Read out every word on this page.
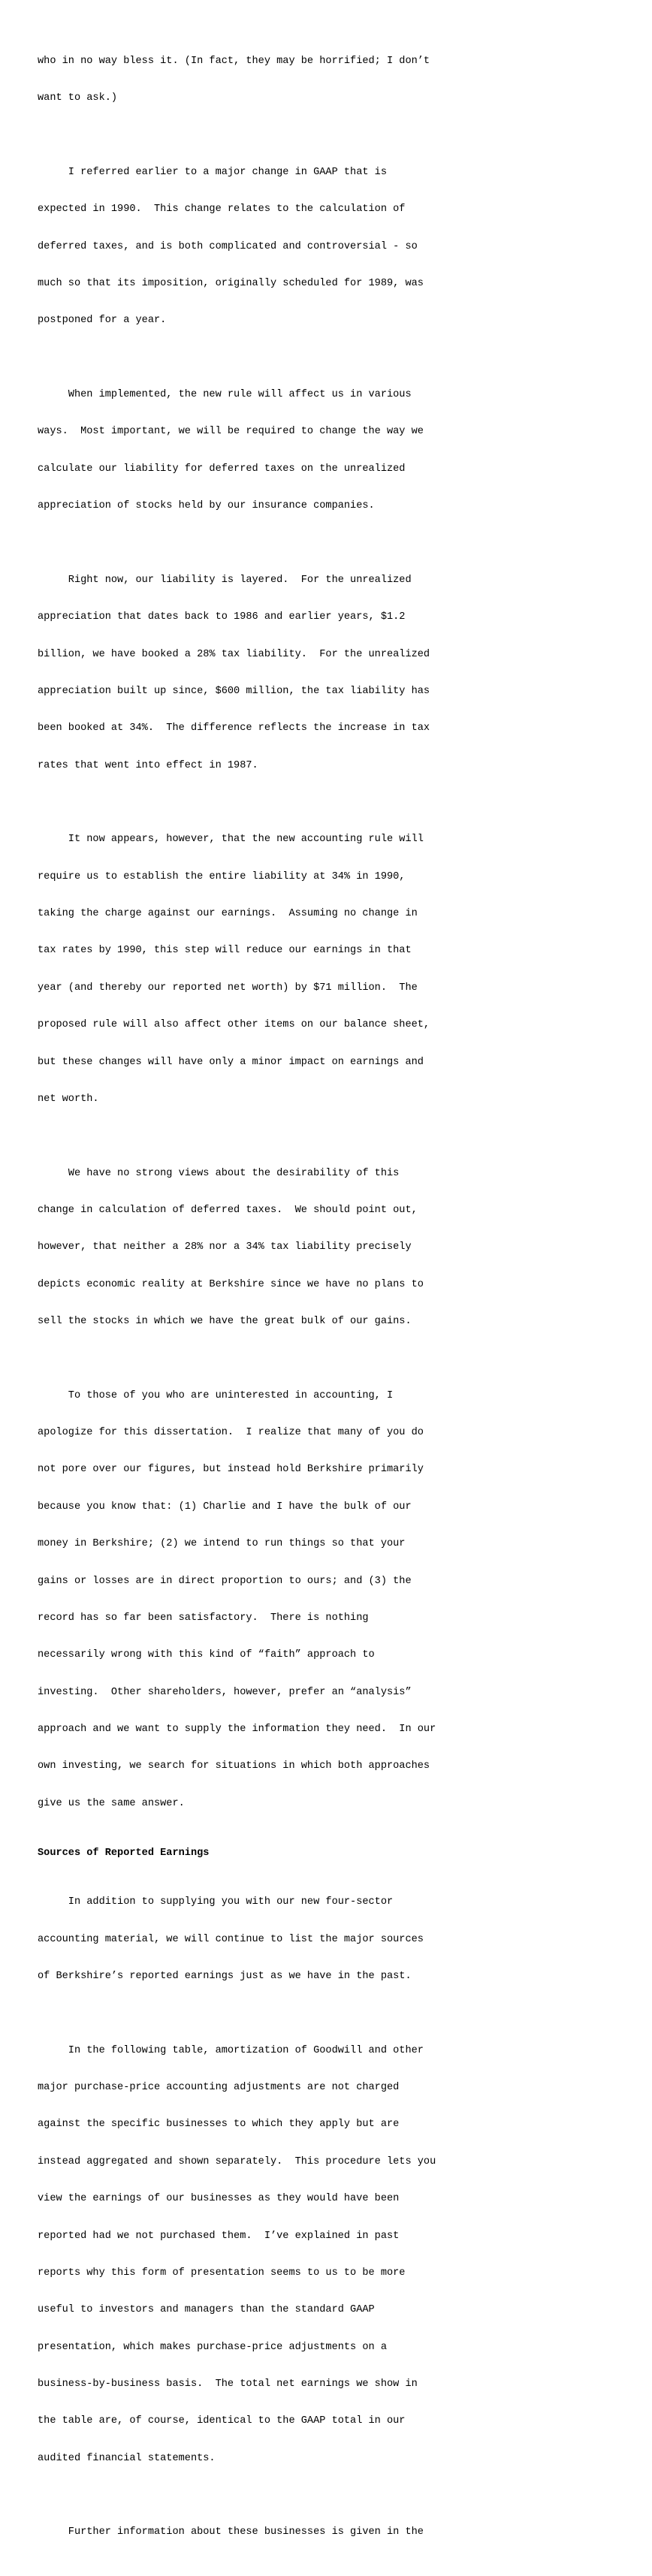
who in no way bless it. (In fact, they may be horrified; I don’t

want to ask.)

I referred earlier to a major change in GAAP that is

expected in 1990.  This change relates to the calculation of

deferred taxes, and is both complicated and controversial - so

much so that its imposition, originally scheduled for 1989, was

postponed for a year.

When implemented, the new rule will affect us in various

ways.  Most important, we will be required to change the way we

calculate our liability for deferred taxes on the unrealized

appreciation of stocks held by our insurance companies.

Right now, our liability is layered.  For the unrealized

appreciation that dates back to 1986 and earlier years, $1.2

billion, we have booked a 28% tax liability.  For the unrealized

appreciation built up since, $600 million, the tax liability has

been booked at 34%.  The difference reflects the increase in tax

rates that went into effect in 1987.

It now appears, however, that the new accounting rule will

require us to establish the entire liability at 34% in 1990,

taking the charge against our earnings.  Assuming no change in

tax rates by 1990, this step will reduce our earnings in that

year (and thereby our reported net worth) by $71 million.  The

proposed rule will also affect other items on our balance sheet,

but these changes will have only a minor impact on earnings and

net worth.

We have no strong views about the desirability of this

change in calculation of deferred taxes.  We should point out,

however, that neither a 28% nor a 34% tax liability precisely

depicts economic reality at Berkshire since we have no plans to

sell the stocks in which we have the great bulk of our gains.

To those of you who are uninterested in accounting, I

apologize for this dissertation.  I realize that many of you do

not pore over our figures, but instead hold Berkshire primarily

because you know that: (1) Charlie and I have the bulk of our

money in Berkshire; (2) we intend to run things so that your

gains or losses are in direct proportion to ours; and (3) the

record has so far been satisfactory.  There is nothing

necessarily wrong with this kind of “faith” approach to

investing.  Other shareholders, however, prefer an “analysis”

approach and we want to supply the information they need.  In our

own investing, we search for situations in which both approaches

give us the same answer.

Sources of Reported Earnings

In addition to supplying you with our new four-sector

accounting material, we will continue to list the major sources

of Berkshire’s reported earnings just as we have in the past.

In the following table, amortization of Goodwill and other

major purchase-price accounting adjustments are not charged

against the specific businesses to which they apply but are

instead aggregated and shown separately.  This procedure lets you

view the earnings of our businesses as they would have been

reported had we not purchased them.  I’ve explained in past

reports why this form of presentation seems to us to be more

useful to investors and managers than the standard GAAP

presentation, which makes purchase-price adjustments on a

business-by-business basis.  The total net earnings we show in

the table are, of course, identical to the GAAP total in our

audited financial statements.

Further information about these businesses is given in the
